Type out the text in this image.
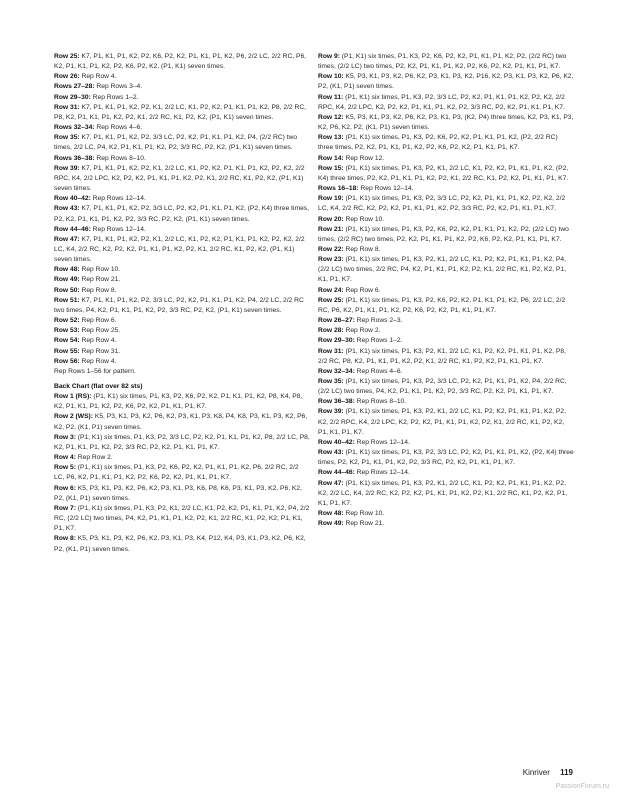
Row 25: K7, P1, K1, P1, K2, P2, K6, P2, K2, P1, K1, P1, K2, P6, 2/2 LC, 2/2 RC, P6, K2, P1, K1, P1, K2, P2, K6, P2, K2, (P1, K1) seven times.

Row 26: Rep Row 4.

Rows 27–28: Rep Rows 3–4.

Row 29–30: Rep Rows 1–2.

Row 31: K7, P1, K1, P1, K2, P2, K1, 2/2 LC, K1, P2, K2, P1, K1, P1, K2, P8, 2/2 RC, P8, K2, P1, K1, P1, K2, P2, K1, 2/2 RC, K1, P2, K2, (P1, K1) seven times.

Rows 32–34: Rep Rows 4–6.

Row 35: K7, P1, K1, P1, K2, P2, 3/3 LC, P2, K2, P1, K1, P1, K2, P4, (2/2 RC) two times, 2/2 LC, P4, K2, P1, K1, P1, K2, P2, 3/3 RC, P2, K2, (P1, K1) seven times.

Rows 36–38: Rep Rows 8–10.

Row 39: K7, P1, K1, P1, K2, P2, K1, 2/2 LC, K1, P2, K2, P1, K1, P1, K2, P2, K2, 2/2 RPC, K4, 2/2 LPC, K2, P2, K2, P1, K1, P1, K2, P2, K1, 2/2 RC, K1, P2, K2, (P1, K1) seven times.

Row 40–42: Rep Rows 12–14.

Row 43: K7, P1, K1, P1, K2, P2, 3/3 LC, P2, K2, P1, K1, P1, K2, (P2, K4) three times, P2, K2, P1, K1, P1, K2, P2, 3/3 RC, P2, K2, (P1, K1) seven times.

Row 44–46: Rep Rows 12–14.

Row 47: K7, P1, K1, P1, K2, P2, K1, 2/2 LC, K1, P2, K2, P1, K1, P1, K2, P2, K2, 2/2 LC, K4, 2/2 RC, K2, P2, K2, P1, K1, P1, K2, P2, K1, 2/2 RC, K1, P2, K2, (P1, K1) seven times.

Row 48: Rep Row 10.

Row 49: Rep Row 21.

Row 50: Rep Row 8.

Row 51: K7, P1, K1, P1, K2, P2, 3/3 LC, P2, K2, P1, K1, P1, K2, P4, 2/2 LC, 2/2 RC two times, P4, K2, P1, K1, P1, K2, P2, 3/3 RC, P2, K2, (P1, K1) seven times.

Row 52: Rep Row 6.

Row 53: Rep Row 25.

Row 54: Rep Row 4.

Row 55: Rep Row 31.

Row 56: Rep Row 4.

Rep Rows 1–56 for pattern.

Back Chart (flat over 82 sts)

Row 1 (RS): (P1, K1) six times, P1, K3, P2, K6, P2, K2, P1, K1, P1, K2, P8, K4, P8, K2, P1, K1, P1, K2, P2, K6, P2, K2, P1, K1, P1, K7.

Row 2 (WS): K5, P3, K1, P3, K2, P6, K2, P3, K1, P3, K8, P4, K8, P3, K1, P3, K2, P6, K2, P2, (K1, P1) seven times.

Row 3: (P1, K1) six times, P1, K3, P2, 3/3 LC, P2, K2, P1, K1, P1, K2, P8, 2/2 LC, P8, K2, P1, K1, P1, K2, P2, 3/3 RC, P2, K2, P1, K1, P1, K7.

Row 4: Rep Row 2.

Row 5: (P1, K1) six times, P1, K3, P2, K6, P2, K2, P1, K1, P1, K2, P6, 2/2 RC, 2/2 LC, P6, K2, P1, K1, P1, K2, P2, K6, P2, K2, P1, K1, P1, K7.

Row 6: K5, P3, K1, P3, K2, P6, K2, P3, K1, P3, K6, P8, K6, P3, K1, P3, K2, P6, K2, P2, (K1, P1) seven times.

Row 7: (P1, K1) six times, P1, K3, P2, K1, 2/2 LC, K1, P2, K2, P1, K1, P1, K2, P4, 2/2 RC, (2/2 LC) two times, P4, K2, P1, K1, P1, K2, P2, K1, 2/2 RC, K1, P2, K2, P1, K1, P1, K7.

Row 8: K5, P3, K1, P3, K2, P6, K2, P3, K1, P3, K4, P12, K4, P3, K1, P3, K2, P6, K2, P2, (K1, P1) seven times.

Row 9: (P1, K1) six times, P1, K3, P2, K6, P2, K2, P1, K1, P1, K2, P2, (2/2 RC) two times, (2/2 LC) two times, P2, K2, P1, K1, P1, K2, P2, K6, P2, K2, P1, K1, P1, K7.

Row 10: K5, P3, K1, P3, K2, P6, K2, P3, K1, P3, K2, P16, K2, P3, K1, P3, K2, P6, K2, P2, (K1, P1) seven times.

Row 11: (P1, K1) six times, P1, K3, P2, 3/3 LC, P2, K2, P1, K1, P1, K2, P2, K2, 2/2 RPC, K4, 2/2 LPC, K2, P2, K2, P1, K1, P1, K2, P2, 3/3 RC, P2, K2, P1, K1, P1, K7.

Row 12: K5, P3, K1, P3, K2, P6, K2, P3, K1, P3, (K2, P4) three times, K2, P3, K1, P3, K2, P6, K2, P2, (K1, P1) seven times.

Row 13: (P1, K1) six times, P1, K3, P2, K6, P2, K2, P1, K1, P1, K2, (P2, 2/2 RC) three times, P2, K2, P1, K1, P1, K2, P2, K6, P2, K2, P1, K1, P1, K7.

Row 14: Rep Row 12.

Row 15: (P1, K1) six times, P1, K3, P2, K1, 2/2 LC, K1, P2, K2, P1, K1, P1, K2, (P2, K4) three times, P2, K2, P1, K1, P1, K2, P2, K1, 2/2 RC, K1, P2, K2, P1, K1, P1, K7.

Rows 16–18: Rep Rows 12–14.

Row 19: (P1, K1) six times, P1, K3, P2, 3/3 LC, P2, K2, P1, K1, P1, K2, P2, K2, 2/2 LC, K4, 2/2 RC, K2, P2, K2, P1, K1, P1, K2, P2, 3/3 RC, P2, K2, P1, K1, P1, K7.

Row 20: Rep Row 10.

Row 21: (P1, K1) six times, P1, K3, P2, K6, P2, K2, P1, K1, P1, K2, P2, (2/2 LC) two times, (2/2 RC) two times, P2, K2, P1, K1, P1, K2, P2, K6, P2, K2, P1, K1, P1, K7.

Row 22: Rep Row 8.

Row 23: (P1, K1) six times, P1, K3, P2, K1, 2/2 LC, K1, P2, K2, P1, K1, P1, K2, P4, (2/2 LC) two times, 2/2 RC, P4, K2, P1, K1, P1, K2, P2, K1, 2/2 RC, K1, P2, K2, P1, K1, P1, K7.

Row 24: Rep Row 6.

Row 25: (P1, K1) six times, P1, K3, P2, K6, P2, K2, P1, K1, P1, K2, P6, 2/2 LC, 2/2 RC, P6, K2, P1, K1, P1, K2, P2, K6, P2, K2, P1, K1, P1, K7.

Row 26–27: Rep Rows 2–3.

Row 28: Rep Row 2.

Row 29–30: Rep Rows 1–2.

Row 31: (P1, K1) six times, P1, K3, P2, K1, 2/2 LC, K1, P2, K2, P1, K1, P1, K2, P8, 2/2 RC, P8, K2, P1, K1, P1, K2, P2, K1, 2/2 RC, K1, P2, K2, P1, K1, P1, K7.

Row 32–34: Rep Rows 4–6.

Row 35: (P1, K1) six times, P1, K3, P2, 3/3 LC, P2, K2, P1, K1, P1, K2, P4, 2/2 RC, (2/2 LC) two times, P4, K2, P1, K1, P1, K2, P2, 3/3 RC, P2, K2, P1, K1, P1, K7.

Row 36–38: Rep Rows 8–10.

Row 39: (P1, K1) six times, P1, K3, P2, K1, 2/2 LC, K1, P2, K2, P1, K1, P1, K2, P2, K2, 2/2 RPC, K4, 2/2 LPC, K2, P2, K2, P1, K1, P1, K2, P2, K1, 2/2 RC, K1, P2, K2, P1, K1, P1, K7.

Row 40–42: Rep Rows 12–14.

Row 43: (P1, K1) six times, P1, K3, P2, 3/3 LC, P2, K2, P1, K1, P1, K2, (P2, K4) three times, P2, K2, P1, K1, P1, K2, P2, 3/3 RC, P2, K2, P1, K1, P1, K7.

Row 44–46: Rep Rows 12–14.

Row 47: (P1, K1) six times, P1, K3, P2, K1, 2/2 LC, K1, P2, K2, P1, K1, P1, K2, P2, K2, 2/2 LC, K4, 2/2 RC, K2, P2, K2, P1, K1, P1, K2, P2, K1, 2/2 RC, K1, P2, K2, P1, K1, P1, K7.

Row 48: Rep Row 10.

Row 49: Rep Row 21.

Kinriver 119
PassionForum.ru
